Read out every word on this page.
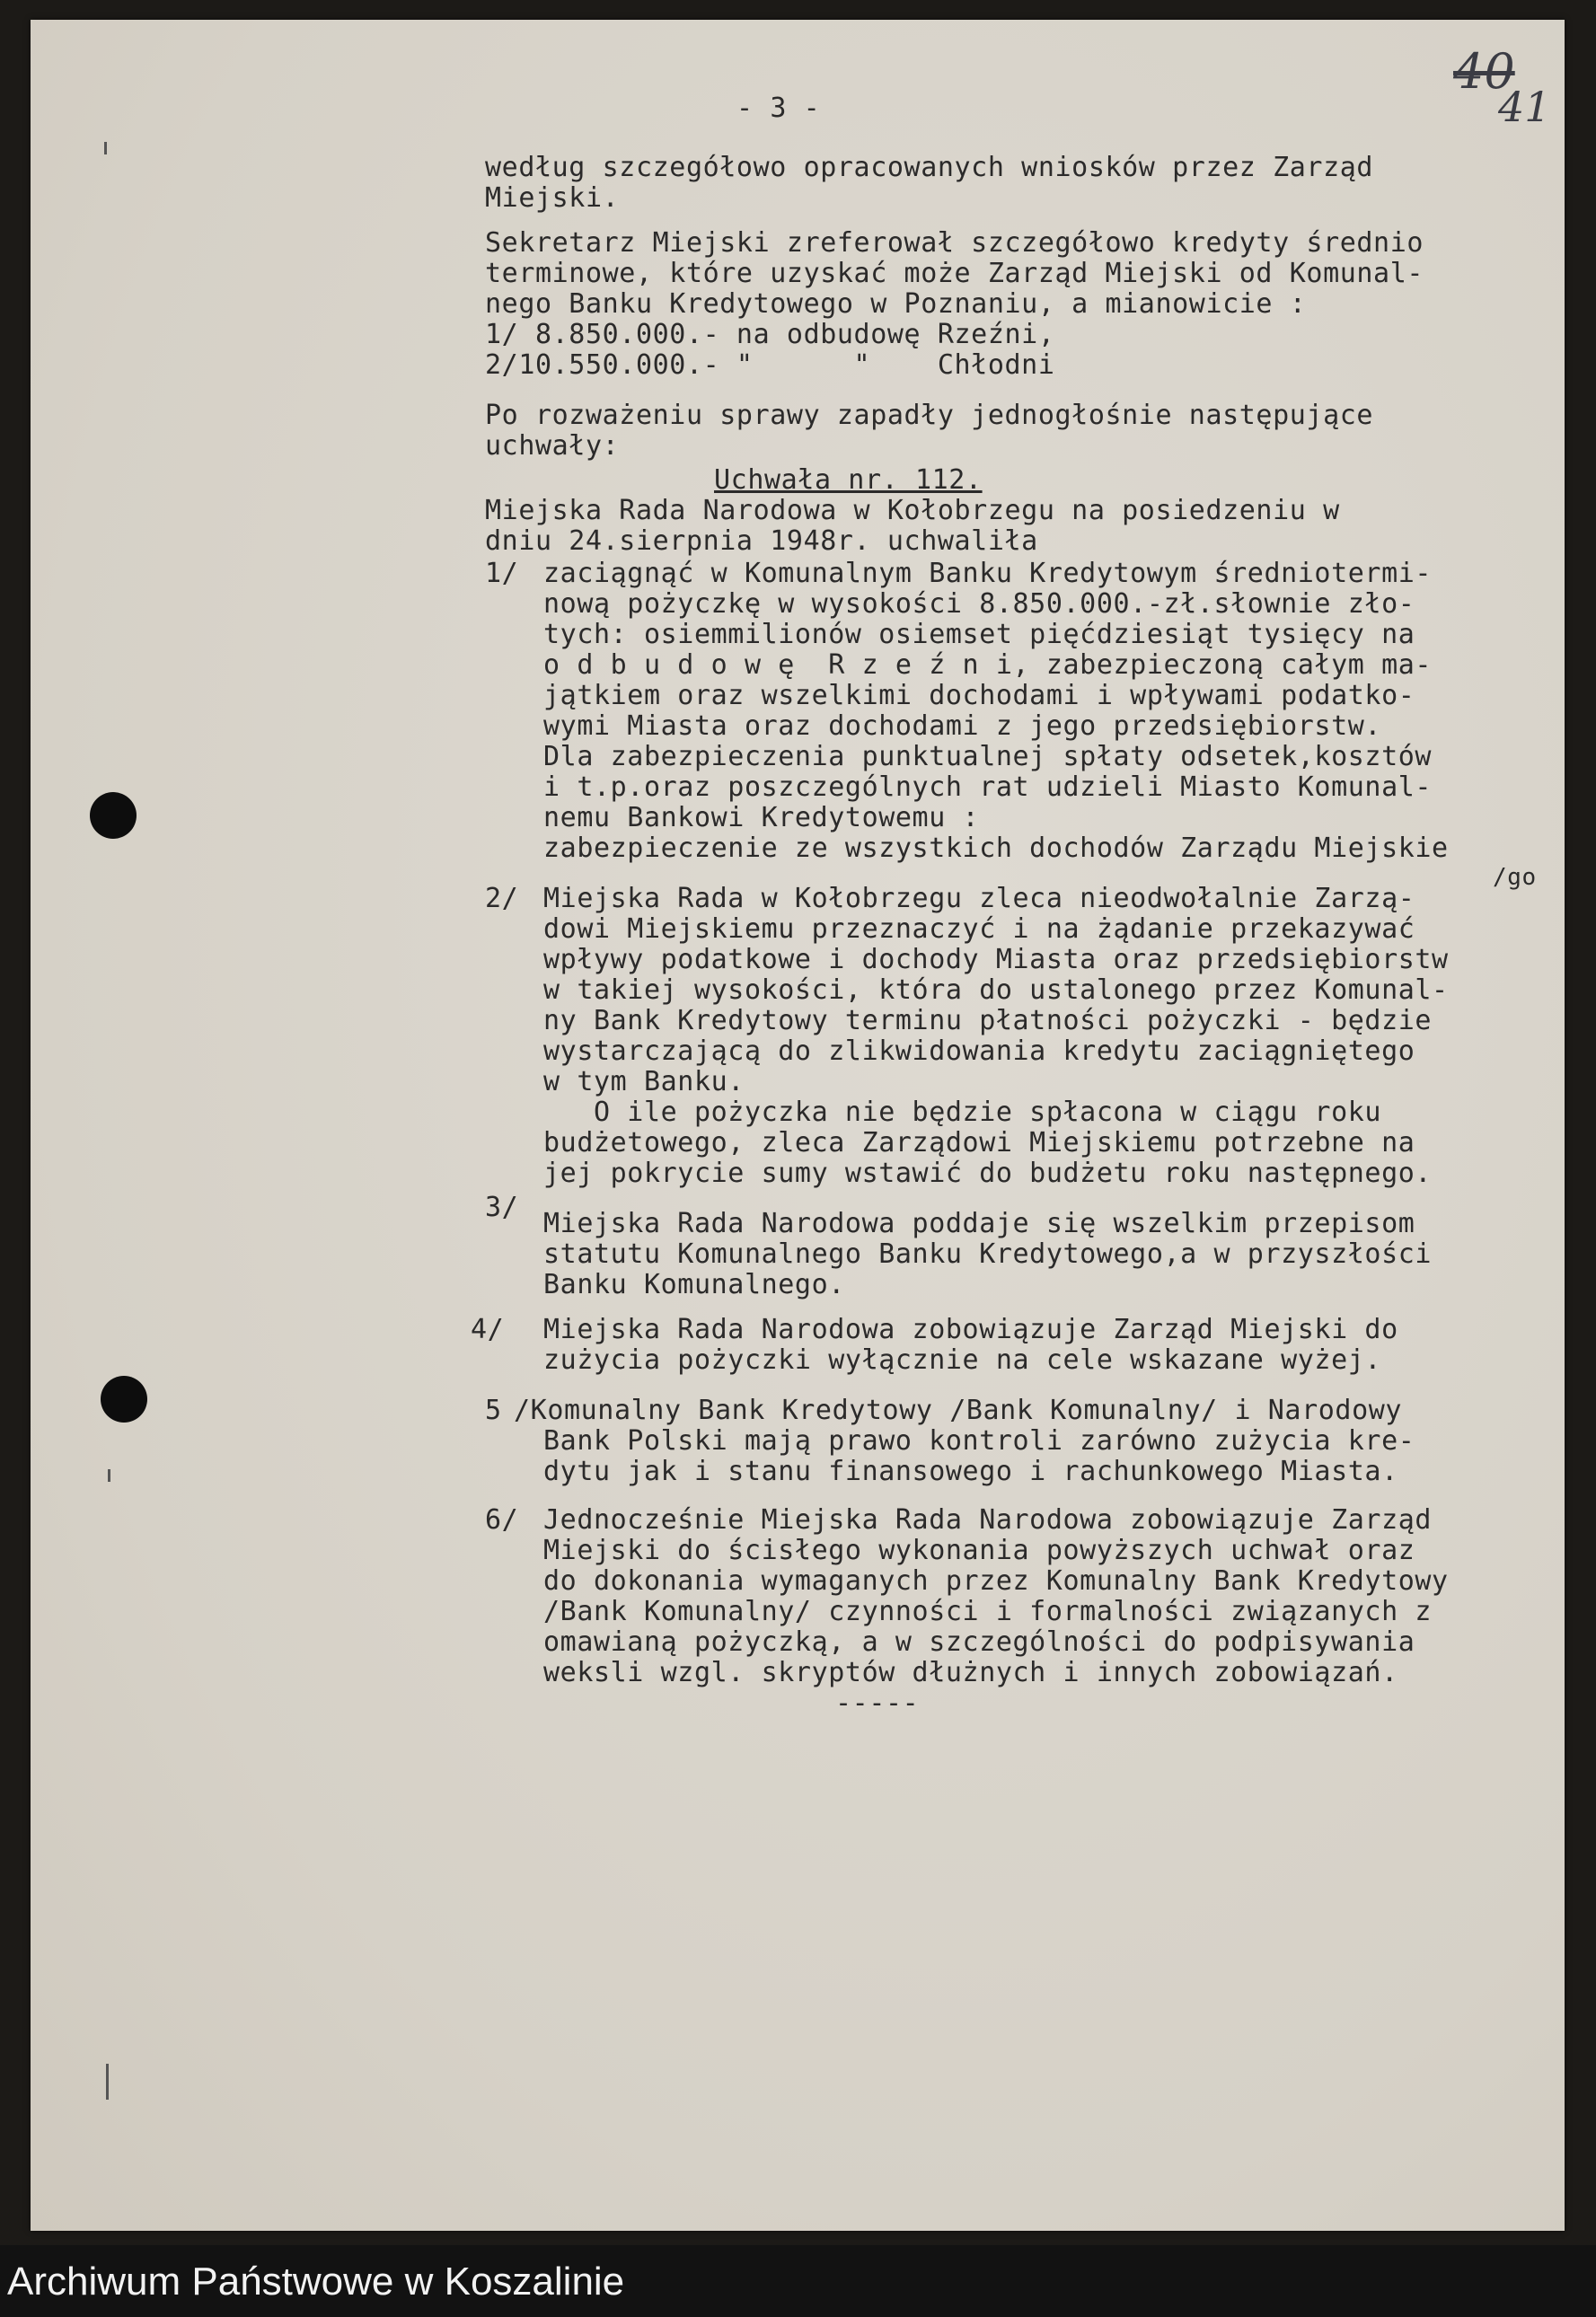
40
41
- 3 -
według szczegółowo opracowanych wniosków przez Zarząd
Miejski.
Sekretarz Miejski zreferował szczegółowo kredyty średnio
terminowe, które uzyskać może Zarząd Miejski od Komunal-
nego Banku Kredytowego w Poznaniu, a mianowicie :
1/ 8.850.000.- na odbudowę Rzeźni,
2/10.550.000.- "      "    Chłodni
Po rozważeniu sprawy zapadły jednogłośnie następujące
uchwały:
Uchwała nr. 112.
Miejska Rada Narodowa w Kołobrzegu na posiedzeniu w
dniu 24.sierpnia 1948r. uchwaliła
1/ zaciągnąć w Komunalnym Banku Kredytowym średniotermi-
nową pożyczkę w wysokości 8.850.000.-zł.słownie zło-
tych: osiemmilionów osiemset pięćdziesiąt tysięcy na
o d b u d o w ę  R z e ź n i, zabezpieczoną całym ma-
jątkiem oraz wszelkimi dochodami i wpływami podatko-
wymi Miasta oraz dochodami z jego przedsiębiorstw.
Dla zabezpieczenia punktualnej spłaty odsetek,kosztów
i t.p.oraz poszczególnych rat udzieli Miasto Komunal-
nemu Bankowi Kredytowemu :
zabezpieczenie ze wszystkich dochodów Zarządu Miejskie
/go
2/ Miejska Rada w Kołobrzegu zleca nieodwołalnie Zarzą-
dowi Miejskiemu przeznaczyć i na żądanie przekazywać
wpływy podatkowe i dochody Miasta oraz przedsiębiorstw
w takiej wysokości, która do ustalonego przez Komunal-
ny Bank Kredytowy terminu płatności pożyczki - będzie
wystarczającą do zlikwidowania kredytu zaciągniętego
w tym Banku.
O ile pożyczka nie będzie spłacona w ciągu roku
budżetowego, zleca Zarządowi Miejskiemu potrzebne na
jej pokrycie sumy wstawić do budżetu roku następnego.
3/
Miejska Rada Narodowa poddaje się wszelkim przepisom
statutu Komunalnego Banku Kredytowego,a w przyszłości
Banku Komunalnego.
4/ Miejska Rada Narodowa zobowiązuje Zarząd Miejski do
zużycia pożyczki wyłącznie na cele wskazane wyżej.
5 /Komunalny Bank Kredytowy /Bank Komunalny/ i Narodowy
Bank Polski mają prawo kontroli zarówno zużycia kre-
dytu jak i stanu finansowego i rachunkowego Miasta.
6/ Jednocześnie Miejska Rada Narodowa zobowiązuje Zarząd
Miejski do ścisłego wykonania powyższych uchwał oraz
do dokonania wymaganych przez Komunalny Bank Kredytowy
/Bank Komunalny/ czynności i formalności związanych z
omawianą pożyczką, a w szczególności do podpisywania
weksli wzgl. skryptów dłużnych i innych zobowiązań.
-----
Archiwum Państwowe w Koszalinie
